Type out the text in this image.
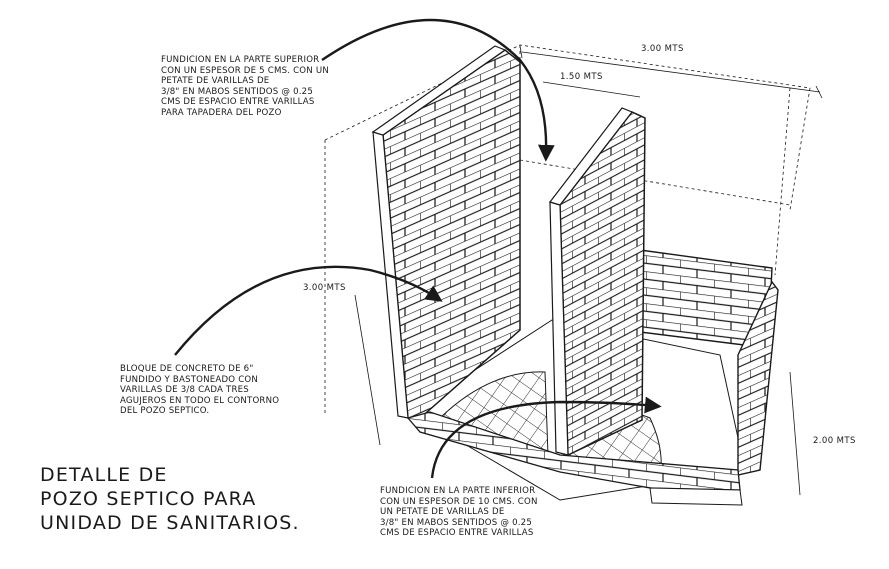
FUNDICION EN LA PARTE SUPERIOR
CON UN ESPESOR DE 5 CMS. CON UN
PETATE DE VARILLAS DE
3/8" EN MABOS SENTIDOS @ 0.25
CMS DE ESPACIO ENTRE VARILLAS
PARA TAPADERA DEL POZO
BLOQUE DE CONCRETO DE 6"
FUNDIDO Y BASTONEADO CON
VARILLAS DE 3/8 CADA TRES
AGUJEROS EN TODO EL CONTORNO
DEL POZO SEPTICO.
FUNDICION EN LA PARTE INFERIOR
CON UN ESPESOR DE 10 CMS. CON
UN PETATE DE VARILLAS DE
3/8" EN MABOS SENTIDOS @ 0.25
CMS DE ESPACIO ENTRE VARILLAS
3.00 MTS
1.50 MTS
3.00 MTS
2.00 MTS
DETALLE DE
POZO SEPTICO PARA
UNIDAD DE SANITARIOS.
